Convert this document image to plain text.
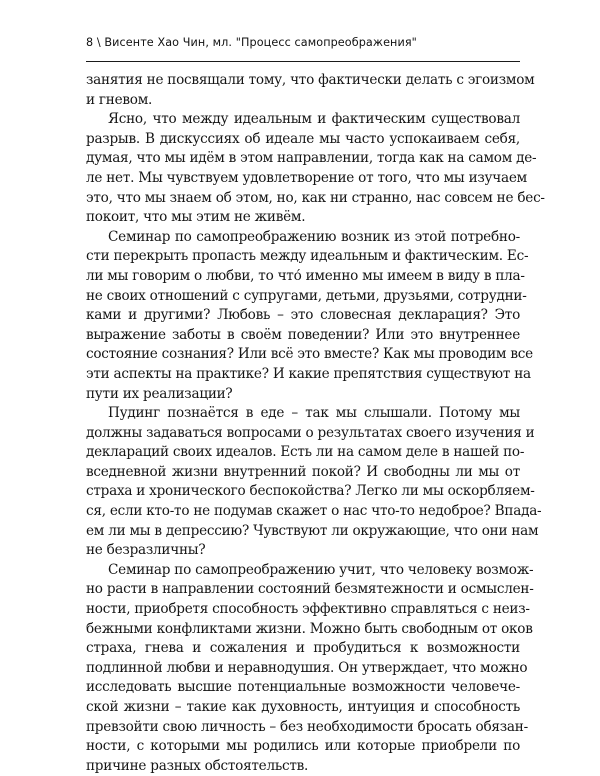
8 \ Висенте Хао Чин, мл. "Процесс самопреображения"
занятия не посвящали тому, что фактически делать с эгоизмом
и гневом.
Ясно, что между идеальным и фактическим существовал
разрыв. В дискуссиях об идеале мы часто успокаиваем себя,
думая, что мы идём в этом направлении, тогда как на самом де-
ле нет. Мы чувствуем удовлетворение от того, что мы изучаем
это, что мы знаем об этом, но, как ни странно, нас совсем не бес-
покоит, что мы этим не живём.
Семинар по самопреображению возник из этой потребно-
сти перекрыть пропасть между идеальным и фактическим. Ес-
ли мы говорим о любви, то что́ именно мы имеем в виду в пла-
не своих отношений с супругами, детьми, друзьями, сотрудни-
ками и другими? Любовь – это словесная декларация? Это
выражение заботы в своём поведении? Или это внутреннее
состояние сознания? Или всё это вместе? Как мы проводим все
эти аспекты на практике? И какие препятствия существуют на
пути их реализации?
Пудинг познаётся в еде – так мы слышали. Потому мы
должны задаваться вопросами о результатах своего изучения и
деклараций своих идеалов. Есть ли на самом деле в нашей по-
вседневной жизни внутренний покой? И свободны ли мы от
страха и хронического беспокойства? Легко ли мы оскорбляем-
ся, если кто-то не подумав скажет о нас что-то недоброе? Впада-
ем ли мы в депрессию? Чувствуют ли окружающие, что они нам
не безразличны?
Семинар по самопреображению учит, что человеку возмож-
но расти в направлении состояний безмятежности и осмыслен-
ности, приобретя способность эффективно справляться с неиз-
бежными конфликтами жизни. Можно быть свободным от оков
страха, гнева и сожаления и пробудиться к возможности
подлинной любви и неравнодушия. Он утверждает, что можно
исследовать высшие потенциальные возможности человече-
ской жизни – такие как духовность, интуиция и способность
превзойти свою личность – без необходимости бросать обязан-
ности, с которыми мы родились или которые приобрели по
причине разных обстоятельств.
